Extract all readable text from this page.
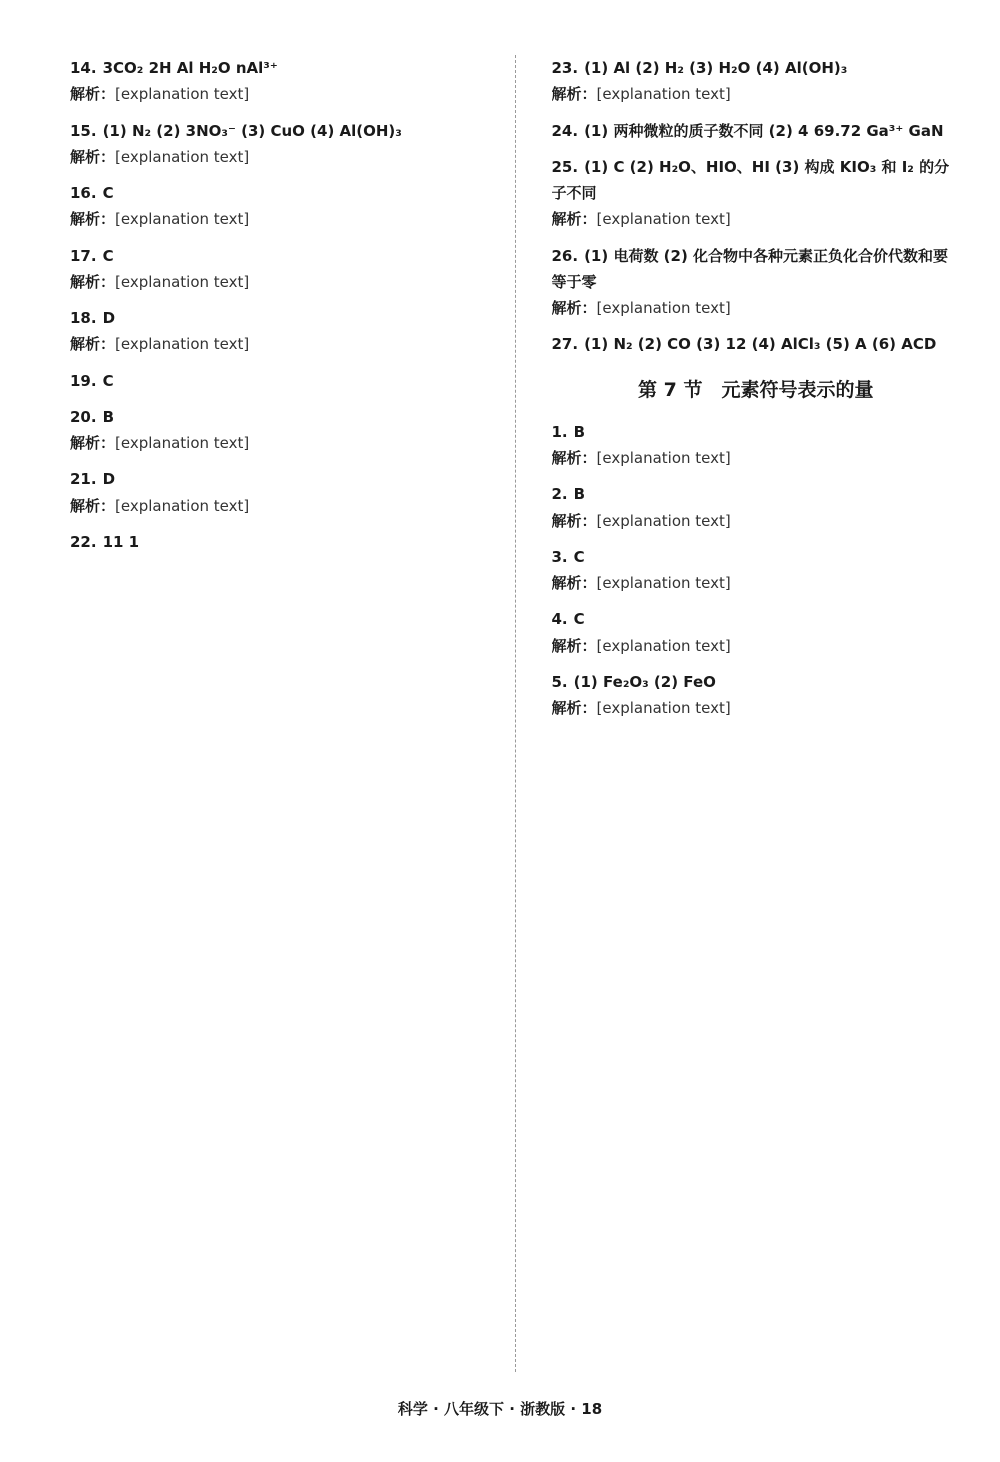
14. 3CO₂ 2H Al H₂O nAl³⁺
解析：[explanation text]
15. (1) N₂ (2) 3NO₃⁻ (3) CuO (4) Al(OH)₃
解析：[explanation text]
16. C
解析：[explanation text]
17. C
解析：[explanation text]
18. D
解析：[explanation text]
19. C
20. B
解析：[explanation text]
21. D
解析：[explanation text]
22. 11 1
23. (1) Al (2) H₂ (3) H₂O (4) Al(OH)₃
解析：[explanation text]
24. (1) 两种微粒的质子数不同 (2) 4 69.72 Ga³⁺ GaN
25. (1) C (2) H₂O、HIO、HI (3) 构成 KIO₃ 和 I₂ 的分子不同
解析：[explanation text]
26. (1) 电荷数 (2) 化合物中各种元素正负化合价代数和要等于零
解析：[explanation text]
27. (1) N₂ (2) CO (3) 12 (4) AlCl₃ (5) A (6) ACD
第 7 节　元素符号表示的量
1. B
解析：[explanation text]
2. B
解析：[explanation text]
3. C
解析：[explanation text]
4. C
解析：[explanation text]
5. (1) Fe₂O₃ (2) FeO
解析：[explanation text]
科学 · 八年级下 · 浙教版 · 18
